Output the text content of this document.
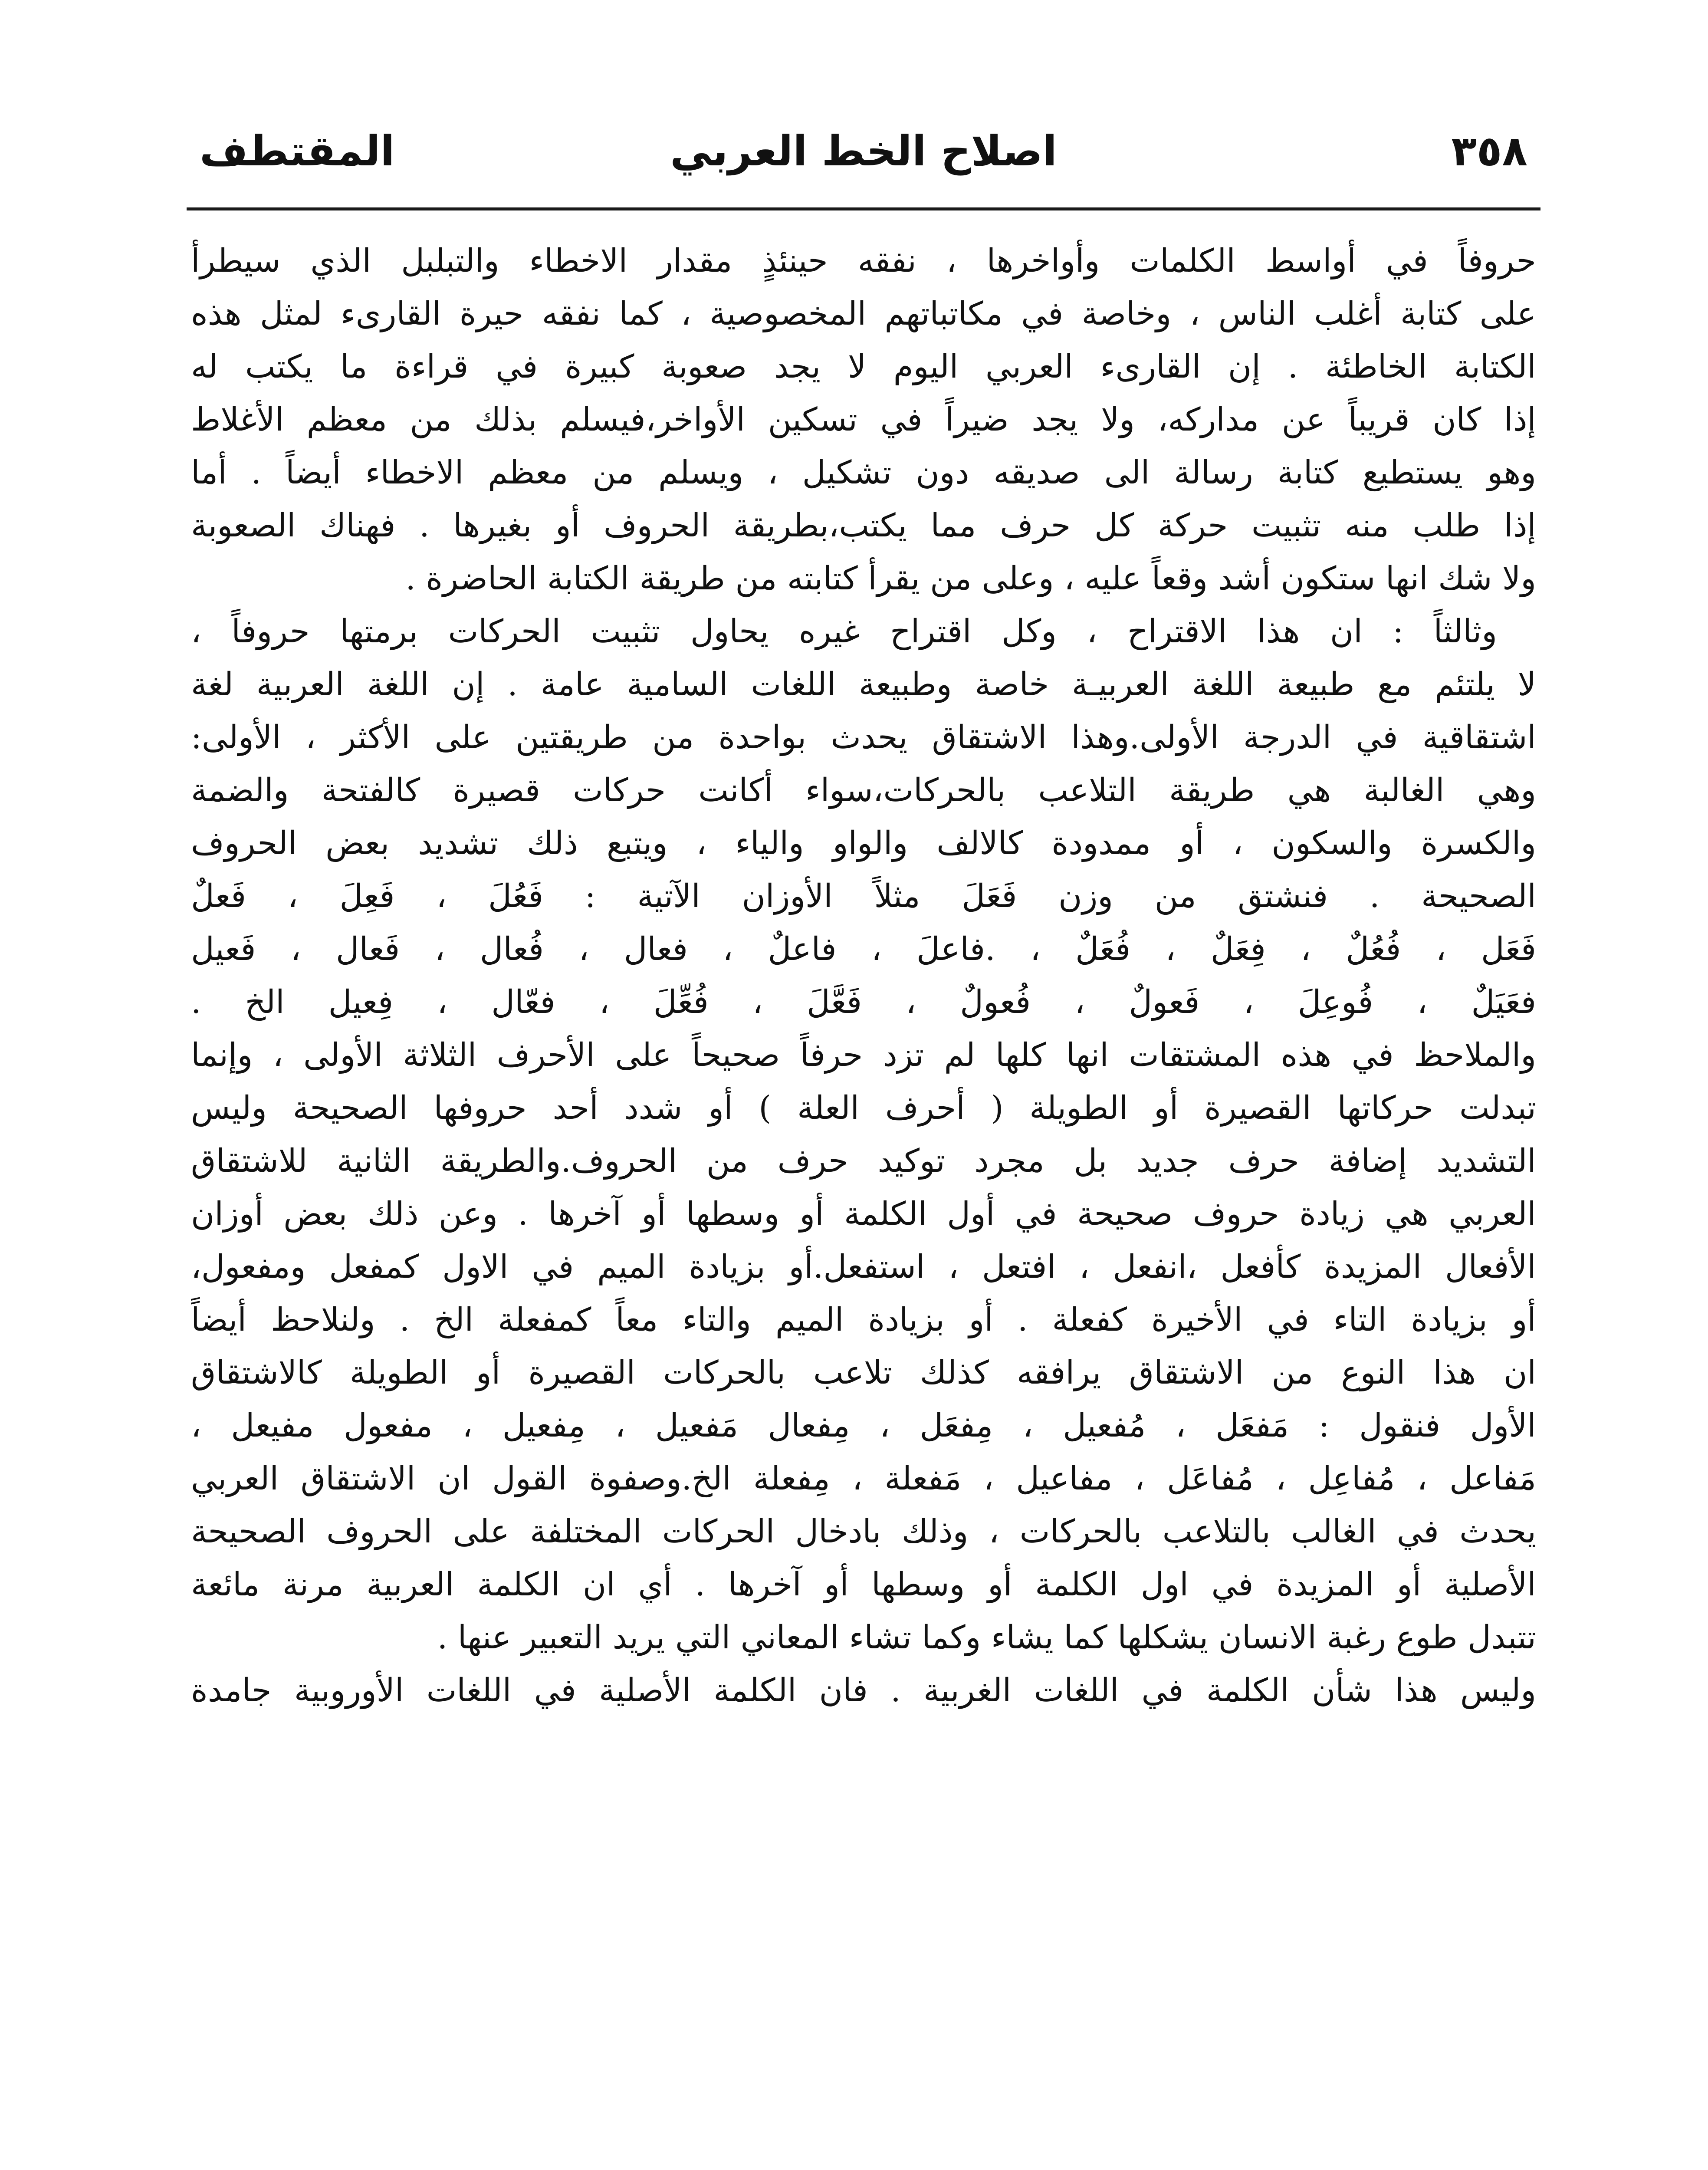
٣٥٨
اصلاح الخط العربي
المقتطف
حروفاً في أواسط الكلمات وأواخرها ، نفقه حينئذٍ مقدار الاخطاء والتبلبل الذي سيطرأ
على كتابة أغلب الناس ، وخاصة في مكاتباتهم المخصوصية ، كما نفقه حيرة القارىء لمثل هذه
الكتابة الخاطئة . إن القارىء العربي اليوم لا يجد صعوبة كبيرة في قراءة ما يكتب له
إذا كان قريباً عن مداركه، ولا يجد ضيراً في تسكين الأواخر،فيسلم بذلك من معظم الأغلاط
وهو يستطيع كتابة رسالة الى صديقه دون تشكيل ، ويسلم من معظم الاخطاء أيضاً . أما
إذا طلب منه تثبيت حركة كل حرف مما يكتب،بطريقة الحروف أو بغيرها . فهناك الصعوبة
ولا شك انها ستكون أشد وقعاً عليه ، وعلى من يقرأ كتابته من طريقة الكتابة الحاضرة .
وثالثاً : ان هذا الاقتراح ، وكل اقتراح غيره يحاول تثبيت الحركات برمتها حروفاً ،
لا يلتئم مع طبيعة اللغة العربيـة خاصة وطبيعة اللغات السامية عامة . إن اللغة العربية لغة
اشتقاقية في الدرجة الأولى.وهذا الاشتقاق يحدث بواحدة من طريقتين على الأكثر ، الأولى:
وهي الغالبة هي طريقة التلاعب بالحركات،سواء أكانت حركات قصيرة كالفتحة والضمة
والكسرة والسكون ، أو ممدودة كالالف والواو والياء ، ويتبع ذلك تشديد بعض الحروف
الصحيحة . فنشتق من وزن فَعَلَ مثلاً الأوزان الآتية : فَعُلَ ، فَعِلَ ، فَعلٌ
فَعَل ، فُعُلٌ ، فِعَلٌ ، فُعَلٌ ، .فاعلَ ، فاعلٌ ، فعال ، فُعال ، فَعال ، فَعيل
فعَيَلٌ ، فُوعِلَ ، فَعولٌ ، فُعولٌ ، فَعَّلَ ، فُعِّلَ ، فعّال ، فِعيل الخ .
والملاحظ في هذه المشتقات انها كلها لم تزد حرفاً صحيحاً على الأحرف الثلاثة الأولى ، وإنما
تبدلت حركاتها القصيرة أو الطويلة ( أحرف العلة ) أو شدد أحد حروفها الصحيحة وليس
التشديد إضافة حرف جديد بل مجرد توكيد حرف من الحروف.والطريقة الثانية للاشتقاق
العربي هي زيادة حروف صحيحة في أول الكلمة أو وسطها أو آخرها . وعن ذلك بعض أوزان
الأفعال المزيدة كأفعل ،انفعل ، افتعل ، استفعل.أو بزيادة الميم في الاول كمفعل ومفعول،
أو بزيادة التاء في الأخيرة كفعلة . أو بزيادة الميم والتاء معاً كمفعلة الخ . ولنلاحظ أيضاً
ان هذا النوع من الاشتقاق يرافقه كذلك تلاعب بالحركات القصيرة أو الطويلة كالاشتقاق
الأول فنقول : مَفعَل ، مُفعيل ، مِفعَل ، مِفعال مَفعيل ، مِفعيل ، مفعول مفيعل ،
مَفاعل ، مُفاعِل ، مُفاعَل ، مفاعيل ، مَفعلة ، مِفعلة الخ.وصفوة القول ان الاشتقاق العربي
يحدث في الغالب بالتلاعب بالحركات ، وذلك بادخال الحركات المختلفة على الحروف الصحيحة
الأصلية أو المزيدة في اول الكلمة أو وسطها أو آخرها . أي ان الكلمة العربية مرنة مائعة
تتبدل طوع رغبة الانسان يشكلها كما يشاء وكما تشاء المعاني التي يريد التعبير عنها .
وليس هذا شأن الكلمة في اللغات الغربية . فان الكلمة الأصلية في اللغات الأوروبية جامدة
